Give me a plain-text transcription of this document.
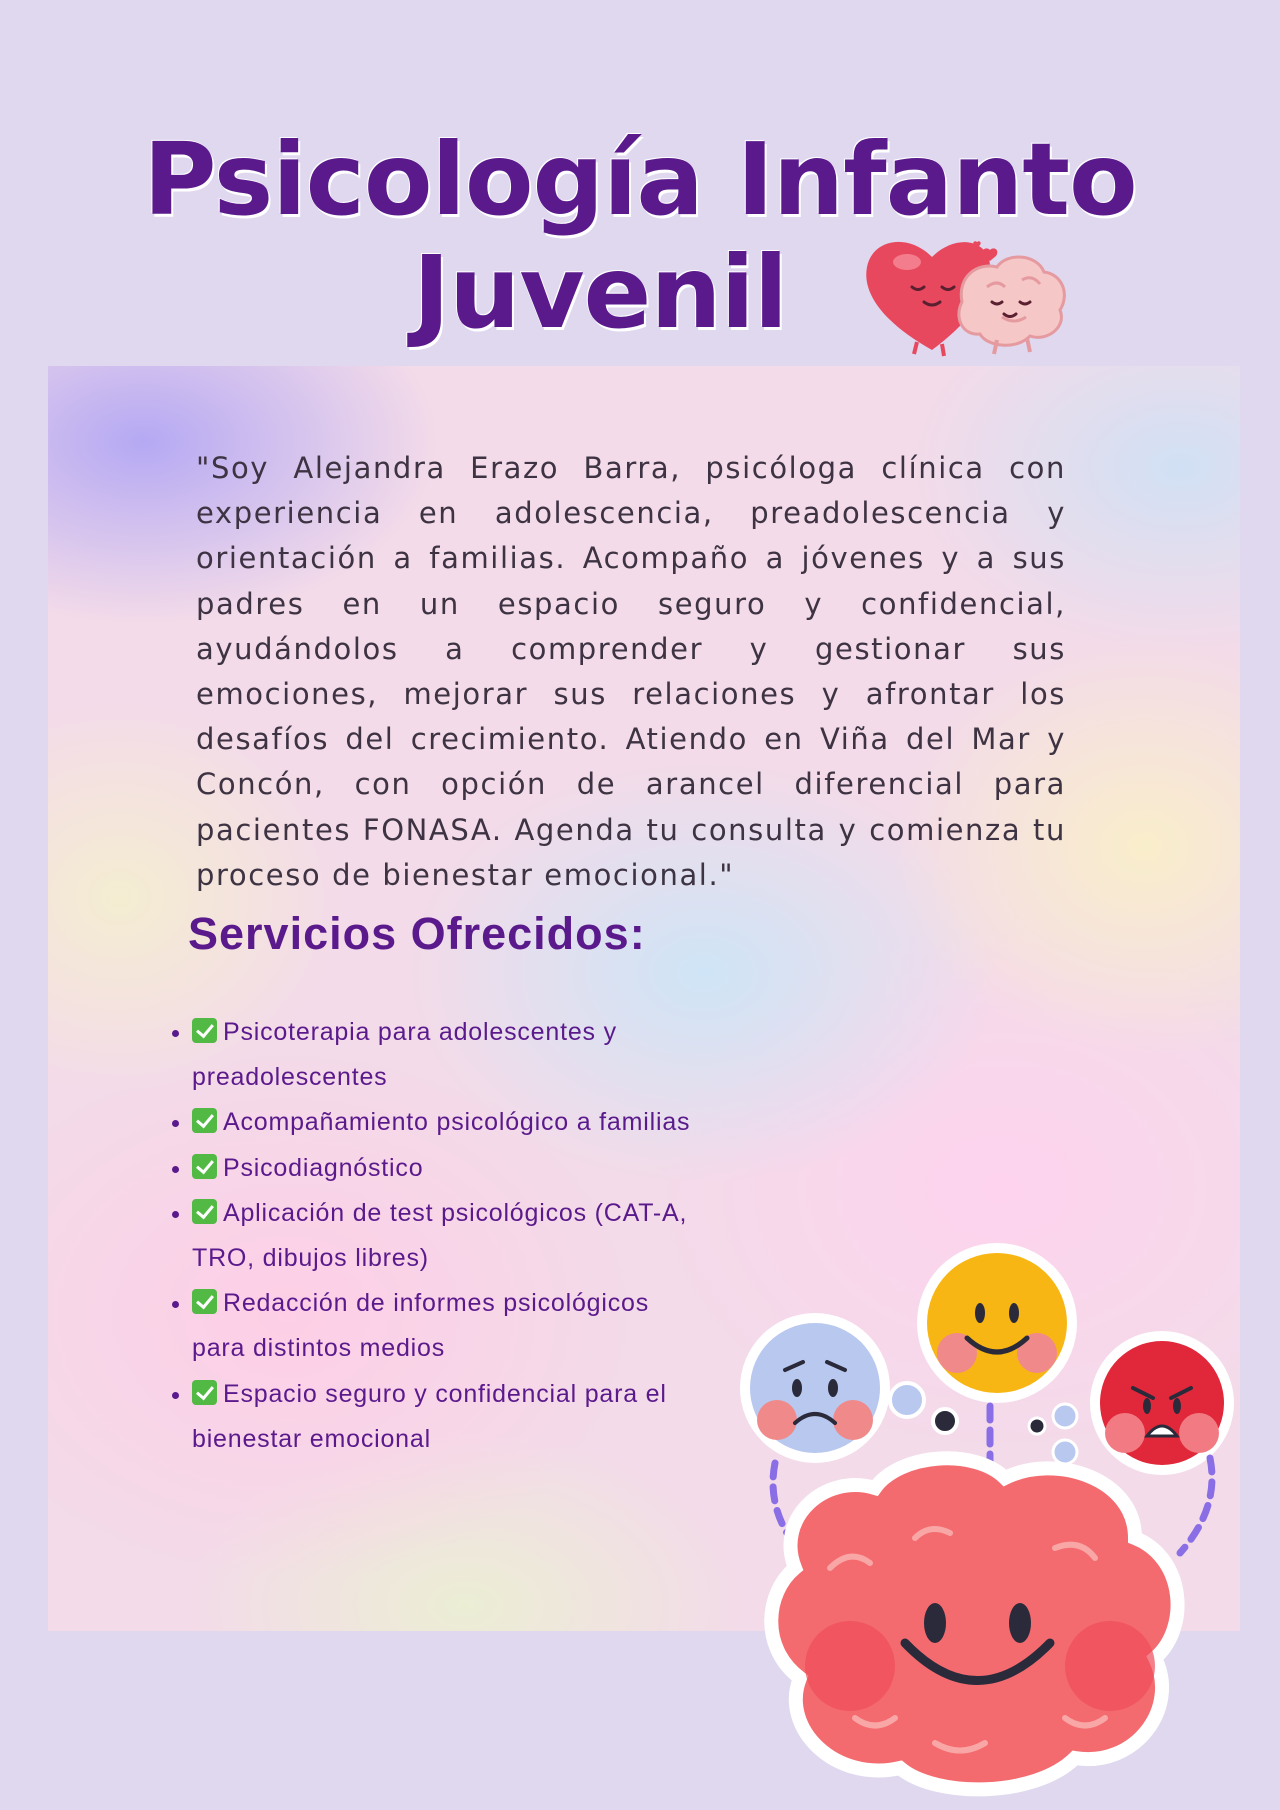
Psicología Infanto
Juvenil

"Soy Alejandra Erazo Barra, psicóloga clínica con experiencia en adolescencia, preadolescencia y orientación a familias. Acompaño a jóvenes y a sus padres en un espacio seguro y confidencial, ayudándolos a comprender y gestionar sus emociones, mejorar sus relaciones y afrontar los desafíos del crecimiento. Atiendo en Viña del Mar y Concón, con opción de arancel diferencial para pacientes FONASA. Agenda tu consulta y comienza tu proceso de bienestar emocional."

Servicios Ofrecidos:
• Psicoterapia para adolescentes y preadolescentes
• Acompañamiento psicológico a familias
• Psicodiagnóstico
• Aplicación de test psicológicos (CAT-A, TRO, dibujos libres)
• Redacción de informes psicológicos para distintos medios
• Espacio seguro y confidencial para el bienestar emocional
